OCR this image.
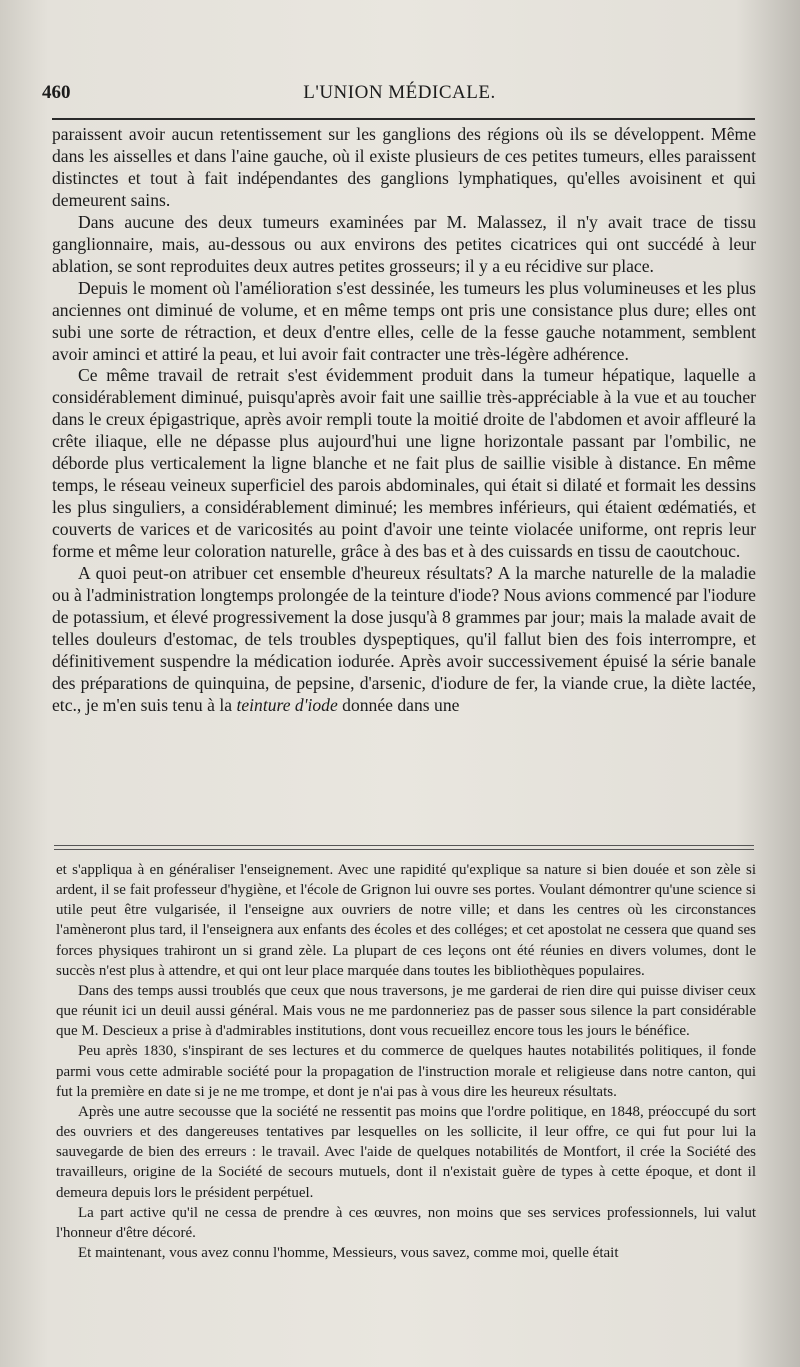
460	L'UNION MÉDICALE.

paraissent avoir aucun retentissement sur les ganglions des régions où ils se développent. Même dans les aisselles et dans l'aine gauche, où il existe plusieurs de ces petites tumeurs, elles paraissent distinctes et tout à fait indépendantes des ganglions lymphatiques, qu'elles avoisinent et qui demeurent sains.

Dans aucune des deux tumeurs examinées par M. Malassez, il n'y avait trace de tissu ganglionnaire, mais, au-dessous ou aux environs des petites cicatrices qui ont succédé à leur ablation, se sont reproduites deux autres petites grosseurs; il y a eu récidive sur place.

Depuis le moment où l'amélioration s'est dessinée, les tumeurs les plus volumineuses et les plus anciennes ont diminué de volume, et en même temps ont pris une consistance plus dure; elles ont subi une sorte de rétraction, et deux d'entre elles, celle de la fesse gauche notamment, semblent avoir aminci et attiré la peau, et lui avoir fait contracter une très-légère adhérence.

Ce même travail de retrait s'est évidemment produit dans la tumeur hépatique, laquelle a considérablement diminué, puisqu'après avoir fait une saillie très-appréciable à la vue et au toucher dans le creux épigastrique, après avoir rempli toute la moitié droite de l'abdomen et avoir affleuré la crête iliaque, elle ne dépasse plus aujourd'hui une ligne horizontale passant par l'ombilic, ne déborde plus verticalement la ligne blanche et ne fait plus de saillie visible à distance. En même temps, le réseau veineux superficiel des parois abdominales, qui était si dilaté et formait les dessins les plus singuliers, a considérablement diminué; les membres inférieurs, qui étaient œdématiés, et couverts de varices et de varicosités au point d'avoir une teinte violacée uniforme, ont repris leur forme et même leur coloration naturelle, grâce à des bas et à des cuissards en tissu de caoutchouc.

A quoi peut-on atribuer cet ensemble d'heureux résultats? A la marche naturelle de la maladie ou à l'administration longtemps prolongée de la teinture d'iode? Nous avions commencé par l'iodure de potassium, et élevé progressivement la dose jusqu'à 8 grammes par jour; mais la malade avait de telles douleurs d'estomac, de tels troubles dyspeptiques, qu'il fallut bien des fois interrompre, et définitivement suspendre la médication iodurée. Après avoir successivement épuisé la série banale des préparations de quinquina, de pepsine, d'arsenic, d'iodure de fer, la viande crue, la diète lactée, etc., je m'en suis tenu à la teinture d'iode donnée dans une

et s'appliqua à en généraliser l'enseignement. Avec une rapidité qu'explique sa nature si bien douée et son zèle si ardent, il se fait professeur d'hygiène, et l'école de Grignon lui ouvre ses portes. Voulant démontrer qu'une science si utile peut être vulgarisée, il l'enseigne aux ouvriers de notre ville; et dans les centres où les circonstances l'amèneront plus tard, il l'enseignera aux enfants des écoles et des colléges; et cet apostolat ne cessera que quand ses forces physiques trahiront un si grand zèle. La plupart de ces leçons ont été réunies en divers volumes, dont le succès n'est plus à attendre, et qui ont leur place marquée dans toutes les bibliothèques populaires.

Dans des temps aussi troublés que ceux que nous traversons, je me garderai de rien dire qui puisse diviser ceux que réunit ici un deuil aussi général. Mais vous ne me pardonneriez pas de passer sous silence la part considérable que M. Descieux a prise à d'admirables institutions, dont vous recueillez encore tous les jours le bénéfice.

Peu après 1830, s'inspirant de ses lectures et du commerce de quelques hautes notabilités politiques, il fonde parmi vous cette admirable société pour la propagation de l'instruction morale et religieuse dans notre canton, qui fut la première en date si je ne me trompe, et dont je n'ai pas à vous dire les heureux résultats.

Après une autre secousse que la société ne ressentit pas moins que l'ordre politique, en 1848, préoccupé du sort des ouvriers et des dangereuses tentatives par lesquelles on les sollicite, il leur offre, ce qui fut pour lui la sauvegarde de bien des erreurs : le travail. Avec l'aide de quelques notabilités de Montfort, il crée la Société des travailleurs, origine de la Société de secours mutuels, dont il n'existait guère de types à cette époque, et dont il demeura depuis lors le président perpétuel.

La part active qu'il ne cessa de prendre à ces œuvres, non moins que ses services professionnels, lui valut l'honneur d'être décoré.

Et maintenant, vous avez connu l'homme, Messieurs, vous savez, comme moi, quelle était
